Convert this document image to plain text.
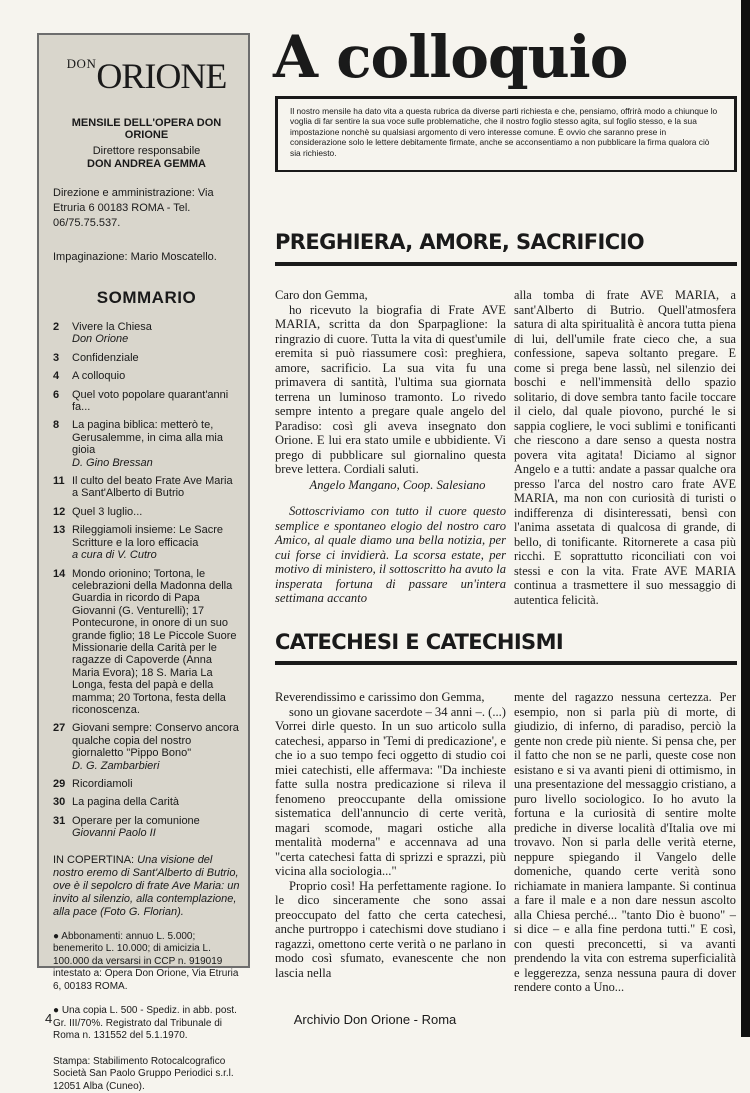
$^{DON}$ORIONE
MENSILE DELL'OPERA DON ORIONE
Direttore responsabile
DON ANDREA GEMMA
Direzione e amministrazione: Via Etruria 6 00183 ROMA - Tel. 06/75.75.537.
Impaginazione: Mario Moscatello.
SOMMARIO
2	Vivere la Chiesa
Don Orione
3	Confidenziale
4	A colloquio
6	Quel voto popolare quarant'anni fa...
8	La pagina biblica: metterò te, Gerusalemme, in cima alla mia gioia
D. Gino Bressan
11 Il culto del beato Frate Ave Maria a Sant'Alberto di Butrio
12 Quel 3 luglio...
13 Rileggiamoli insieme: Le Sacre Scritture e la loro efficacia
a cura di V. Cutro
14 Mondo orionino; Tortona, le celebrazioni della Madonna della Guardia in ricordo di Papa Giovanni (G. Venturelli); 17 Pontecurone, in onore di un suo grande figlio; 18 Le Piccole Suore Missionarie della Carità per le ragazze di Capoverde (Anna Maria Evora); 18 S. Maria La Longa, festa del papà e della mamma; 20 Tortona, festa della riconoscenza.
27 Giovani sempre: Conservo ancora qualche copia del nostro giornaletto "Pippo Bono"
D. G. Zambarbieri
29 Ricordiamoli
30 La pagina della Carità
31 Operare per la comunione
Giovanni Paolo II
IN COPERTINA: Una visione del nostro eremo di Sant'Alberto di Butrio, ove è il sepolcro di frate Ave Maria: un invito al silenzio, alla contemplazione, alla pace (Foto G. Florian).
● Abbonamenti: annuo L. 5.000; benemerito L. 10.000; di amicizia L. 100.000 da versarsi in CCP n. 919019 intestato a: Opera Don Orione, Via Etruria 6, 00183 ROMA.
● Una copia L. 500 - Spediz. in abb. post. Gr. III/70%. Registrato dal Tribunale di Roma n. 131552 del 5.1.1970.
Stampa: Stabilimento Rotocalcografico Società San Paolo Gruppo Periodici s.r.l. 12051 Alba (Cuneo).
A colloquio
Il nostro mensile ha dato vita a questa rubrica da diverse parti richiesta e che, pensiamo, offrirà modo a chiunque lo voglia di far sentire la sua voce sulle problematiche, che il nostro foglio stesso agita, sul foglio stesso, e la sua impostazione nonchè su qualsiasi argomento di vero interesse comune. È ovvio che saranno prese in considerazione solo le lettere debitamente firmate, anche se acconsentiamo a non pubblicare la firma qualora ciò sia richiesto.
PREGHIERA, AMORE, SACRIFICIO
Caro don Gemma,
ho ricevuto la biografia di Frate AVE MARIA, scritta da don Sparpaglione: la ringrazio di cuore. Tutta la vita di quest'umile eremita si può riassumere così: preghiera, amore, sacrificio. La sua vita fu una primavera di santità, l'ultima sua giornata terrena un luminoso tramonto. Lo rivedo sempre intento a pregare quale angelo del Paradiso: così gli aveva insegnato don Orione. E lui era stato umile e ubbidiente. Vi prego di pubblicare sul giornalino questa breve lettera. Cordiali saluti.
Angelo Mangano, Coop. Salesiano
Sottoscriviamo con tutto il cuore questo semplice e spontaneo elogio del nostro caro Amico, al quale diamo una bella notizia, per cui forse ci invidierà. La scorsa estate, per motivo di ministero, il sottoscritto ha avuto la insperata fortuna di passare un'intera settimana accanto
alla tomba di frate AVE MARIA, a sant'Alberto di Butrio. Quell'atmosfera satura di alta spiritualità è ancora tutta piena di lui, dell'umile frate cieco che, a sua confessione, sapeva soltanto pregare. E come si prega bene lassù, nel silenzio dei boschi e nell'immensità dello spazio solitario, di dove sembra tanto facile toccare il cielo, dal quale piovono, purché le si sappia cogliere, le voci sublimi e tonificanti che riescono a dare senso a questa nostra povera vita agitata! Diciamo al signor Angelo e a tutti: andate a passar qualche ora presso l'arca del nostro caro frate AVE MARIA, ma non con curiosità di turisti o indifferenza di disinteressati, bensì con l'anima assetata di qualcosa di grande, di bello, di tonificante. Ritornerete a casa più ricchi. E soprattutto riconciliati con voi stessi e con la vita. Frate AVE MARIA continua a trasmettere il suo messaggio di autentica felicità.
CATECHESI E CATECHISMI
Reverendissimo e carissimo don Gemma,
sono un giovane sacerdote – 34 anni –. (...) Vorrei dirle questo. In un suo articolo sulla catechesi, apparso in 'Temi di predicazione', e che io a suo tempo feci oggetto di studio coi miei catechisti, elle affermava: "Da inchieste fatte sulla nostra predicazione si rileva il fenomeno preoccupante della omissione sistematica dell'annuncio di certe verità, magari scomode, magari ostiche alla mentalità moderna" e accennava ad una "certa catechesi fatta di sprizzi e sprazzi, più vicina alla sociologia..."
Proprio così! Ha perfettamente ragione. Io le dico sinceramente che sono assai preoccupato del fatto che certa catechesi, anche purtroppo i catechismi dove studiano i ragazzi, omettono certe verità o ne parlano in modo così sfumato, evanescente che non lascia nella
mente del ragazzo nessuna certezza. Per esempio, non si parla più di morte, di giudizio, di inferno, di paradiso, perciò la gente non crede più niente. Si pensa che, per il fatto che non se ne parli, queste cose non esistano e si va avanti pieni di ottimismo, in una presentazione del messaggio cristiano, a puro livello sociologico. Io ho avuto la fortuna e la curiosità di sentire molte prediche in diverse località d'Italia ove mi trovavo. Non si parla delle verità eterne, neppure spiegando il Vangelo delle domeniche, quando certe verità sono richiamate in maniera lampante. Si continua a fare il male e a non dare nessun ascolto alla Chiesa perché... "tanto Dio è buono" – si dice – e alla fine perdona tutti." E così, con questi preconcetti, si va avanti prendendo la vita con estrema superficialità e leggerezza, senza nessuna paura di dover rendere conto a Uno...
4	Archivio Don Orione - Roma
